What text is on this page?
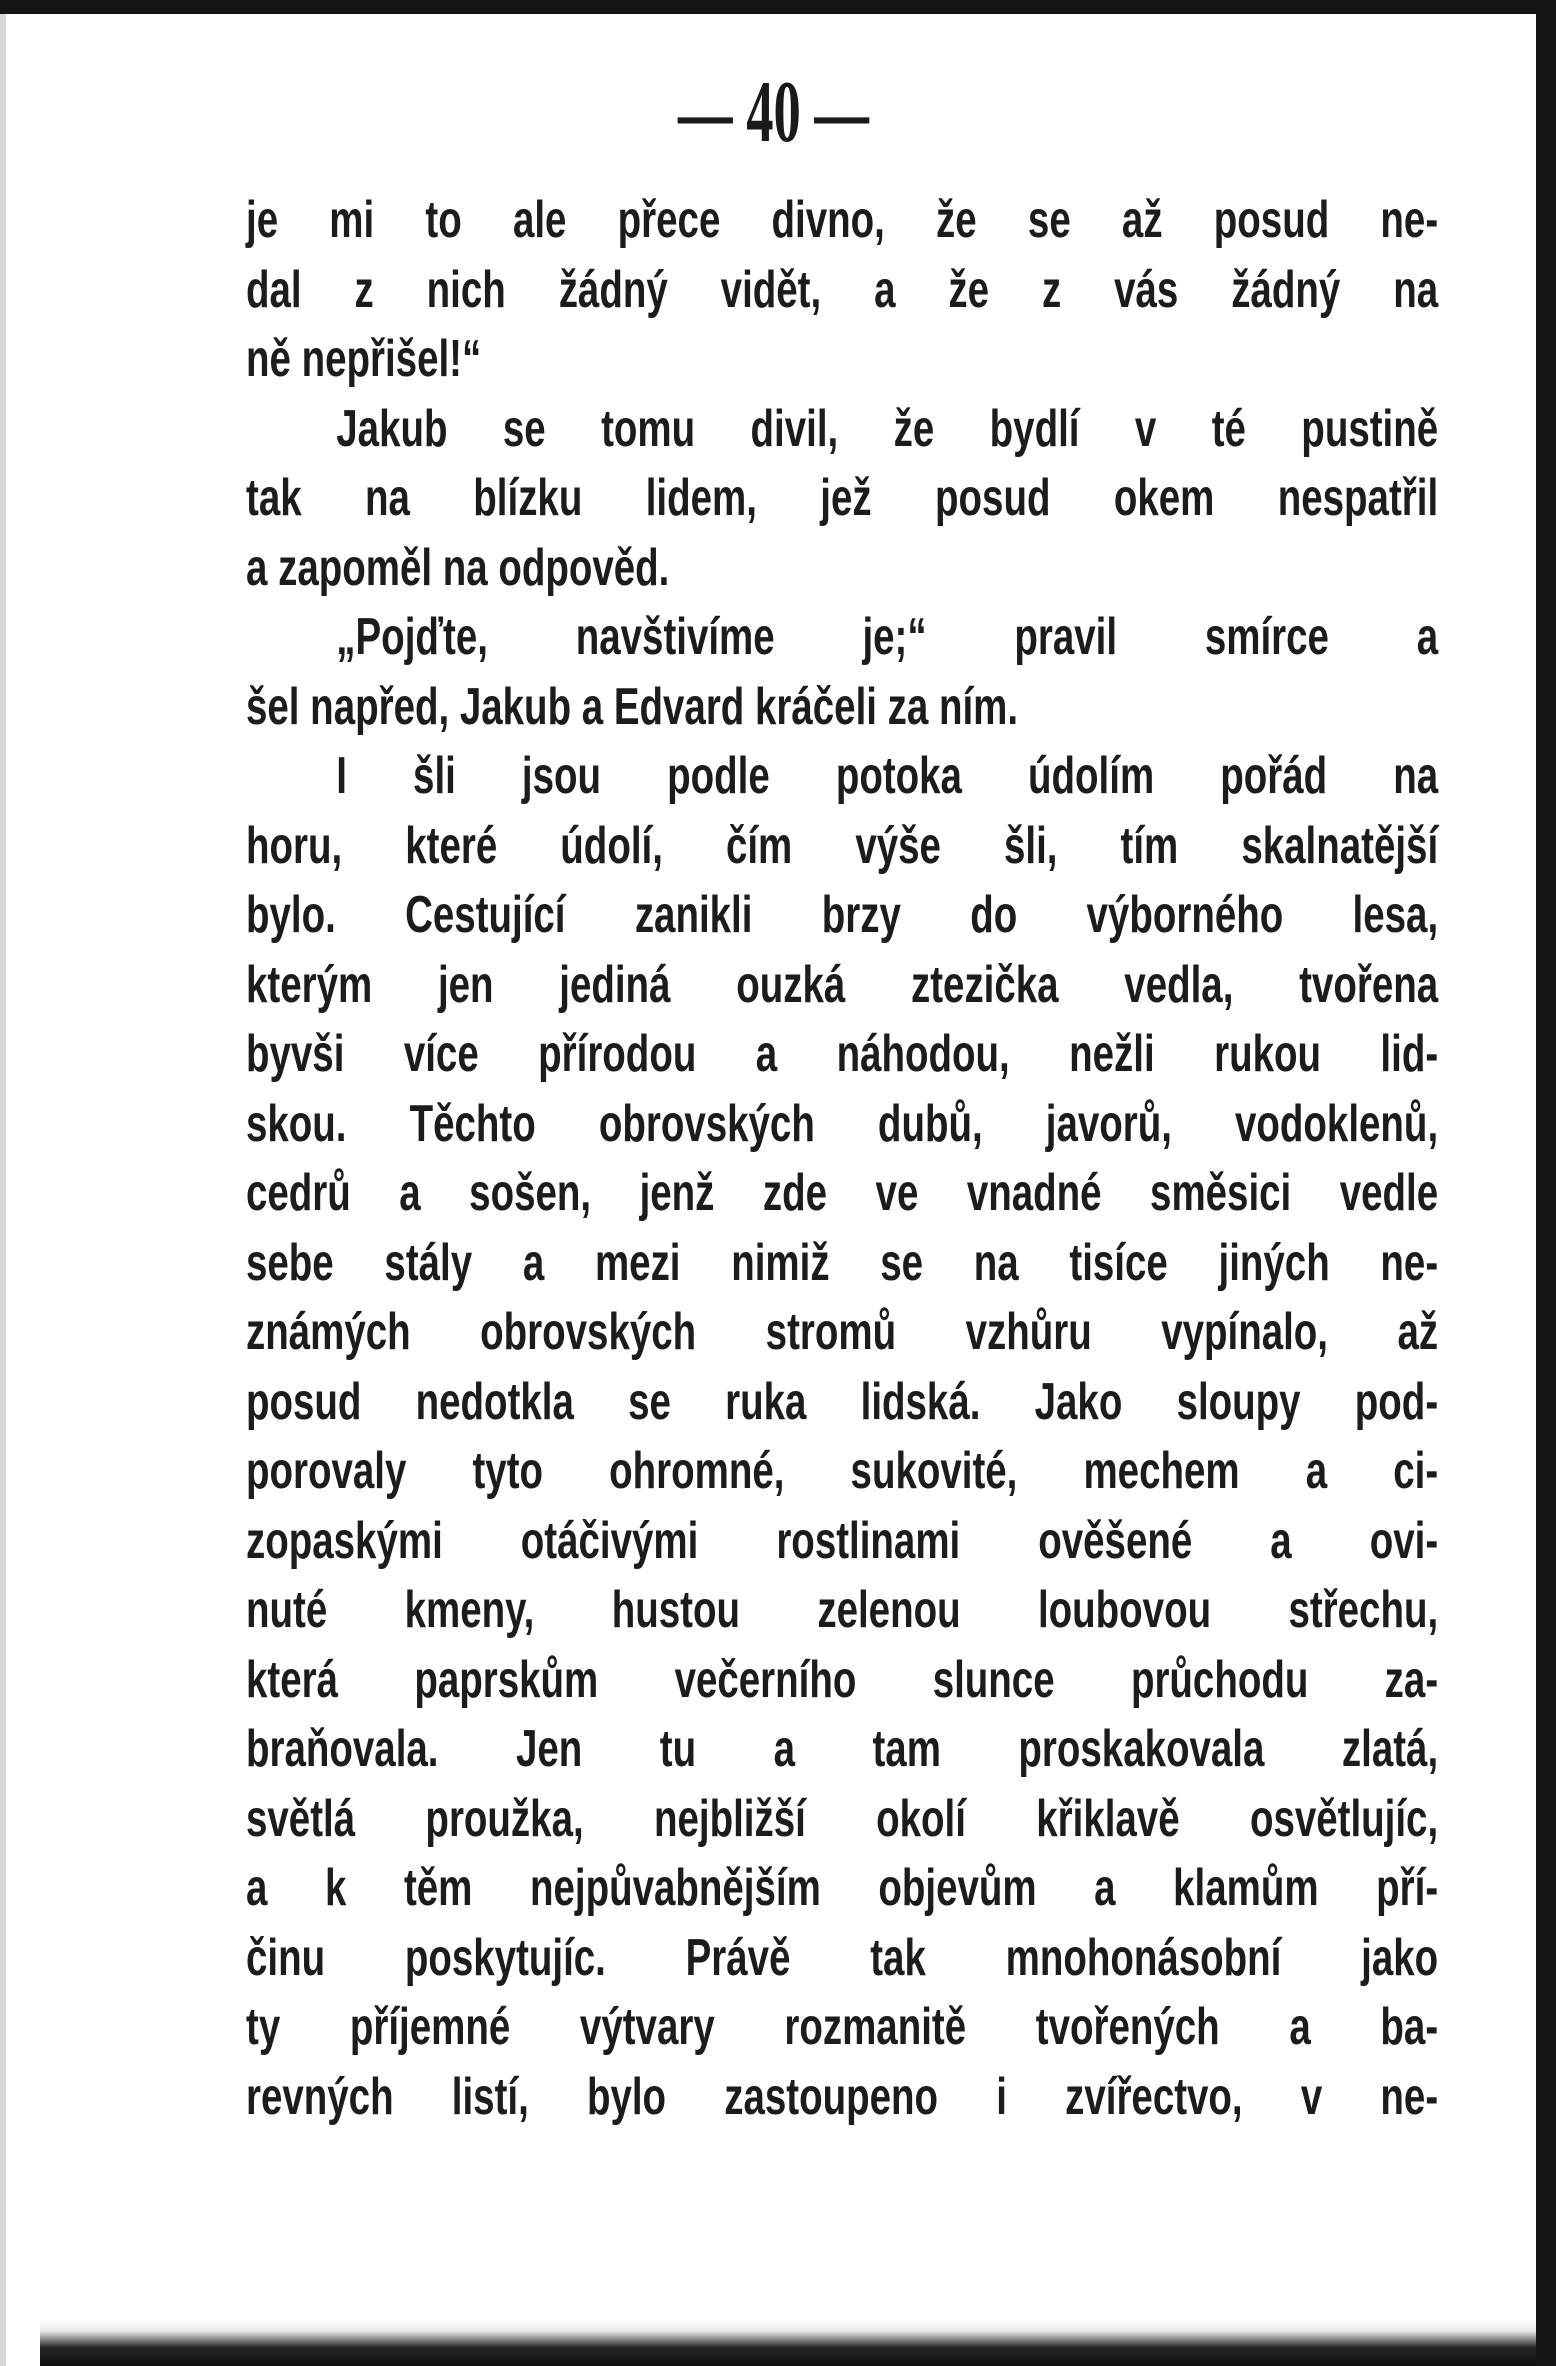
— 40 —
je mi to ale přece divno, že se až posud ne-
dal z nich žádný vidět, a že z vás žádný na
ně nepřišel!“
Jakub se tomu divil, že bydlí v té pustině
tak na blízku lidem, jež posud okem nespatřil
a zapoměl na odpověd.
„Pojďte, navštivíme je;“ pravil smírce a
šel napřed, Jakub a Edvard kráčeli za ním.
I šli jsou podle potoka údolím pořád na
horu, které údolí, čím výše šli, tím skalnatější
bylo. Cestující zanikli brzy do výborného lesa,
kterým jen jediná ouzká ztezička vedla, tvořena
byvši více přírodou a náhodou, nežli rukou lid-
skou. Těchto obrovských dubů, javorů, vodoklenů,
cedrů a sošen, jenž zde ve vnadné směsici vedle
sebe stály a mezi nimiž se na tisíce jiných ne-
známých obrovských stromů vzhůru vypínalo, až
posud nedotkla se ruka lidská. Jako sloupy pod-
porovaly tyto ohromné, sukovité, mechem a ci-
zopaskými otáčivými rostlinami ověšené a ovi-
nuté kmeny, hustou zelenou loubovou střechu,
která paprskům večerního slunce průchodu za-
braňovala. Jen tu a tam proskakovala zlatá,
světlá proužka, nejbližší okolí křiklavě osvětlujíc,
a k těm nejpůvabnějším objevům a klamům pří-
činu poskytujíc. Právě tak mnohonásobní jako
ty příjemné výtvary rozmanitě tvořených a ba-
revných listí, bylo zastoupeno i zvířectvo, v ne-
